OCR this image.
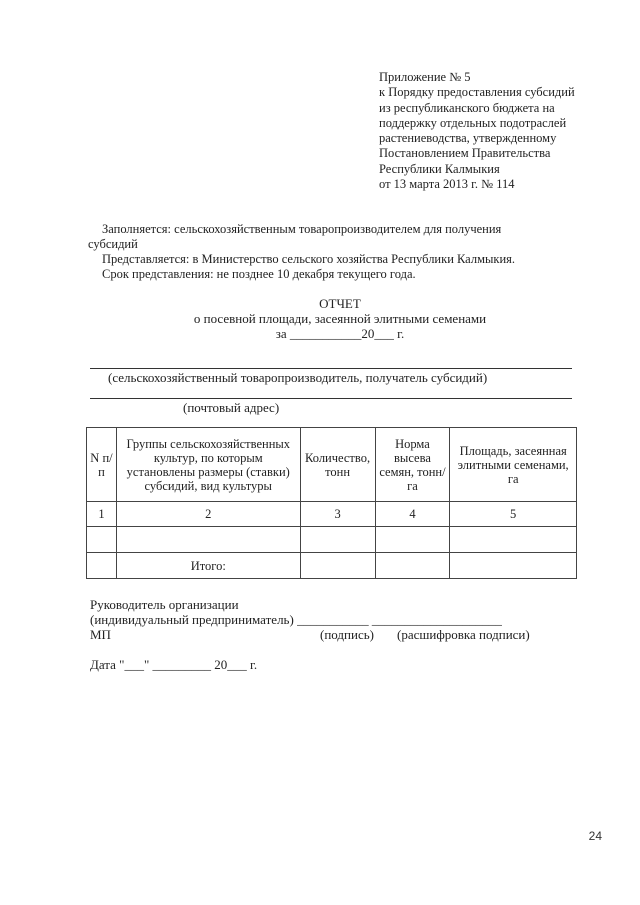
Приложение № 5
к Порядку предоставления субсидий
из республиканского бюджета на
поддержку отдельных подотраслей
растениеводства, утвержденному
Постановлением Правительства
Республики Калмыкия
от 13 марта 2013 г. № 114
Заполняется: сельскохозяйственным товаропроизводителем для получения
субсидий
Представляется: в Министерство сельского хозяйства Республики Калмыкия.
Срок представления: не позднее 10 декабря текущего года.
ОТЧЕТ
о посевной площади, засеянной элитными семенами
за ___________20___ г.
(сельскохозяйственный товаропроизводитель, получатель субсидий)
(почтовый адрес)
N п/п	Группы сельскохозяйственных культур, по которым установлены размеры (ставки) субсидий, вид культуры	Количество, тонн	Норма высева семян, тонн/га	Площадь, засеянная элитными семенами, га
1	2	3	4	5

	Итого:			
Руководитель организации
(индивидуальный предприниматель) ___________ ____________________
МП	(подпись) (расшифровка подписи)
Дата "___" _________ 20___ г.
24
